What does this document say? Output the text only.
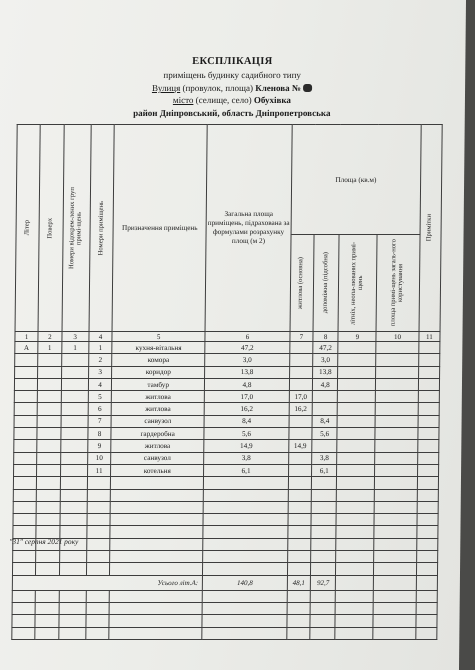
ЕКСПЛІКАЦІЯ
приміщень будинку садибного типу
Вулиця (провулок, площа) Кленова №
місто (селище, село) Обухівка
район Дніпровський, область Дніпропетровська
Літер	Поверх	Номери відокрем-лених груп примі-щень	Номери приміщень	Призначення приміщень	Загальна площа приміщень, підрахована за формулами розрахунку площ (м 2)	Площа (кв.м)				Примітки

						житлова (основна)	допоміжна (підсобна)	літніх, неопа-люваних примі-щень	площа примі-щень загаль-ного користування	

1	2	3	4	5	6	7	8	9	10	11
А	1	1	1	кухня-вітальня	47,2		47,2			
			2	комора	3,0		3,0			
			3	коридор	13,8		13,8			
			4	тамбур	4,8		4,8			
			5	житлова	17,0	17,0				
			6	житлова	16,2	16,2				
			7	санвузол	8,4		8,4			
			8	гардеробна	5,6		5,6			
			9	житлова	14,9	14,9				
			10	санвузол	3,8		3,8			
			11	котельня	6,1		6,1			

Усього літ.А:					140,8	48,1	92,7			

"31" серпня 2021 року
